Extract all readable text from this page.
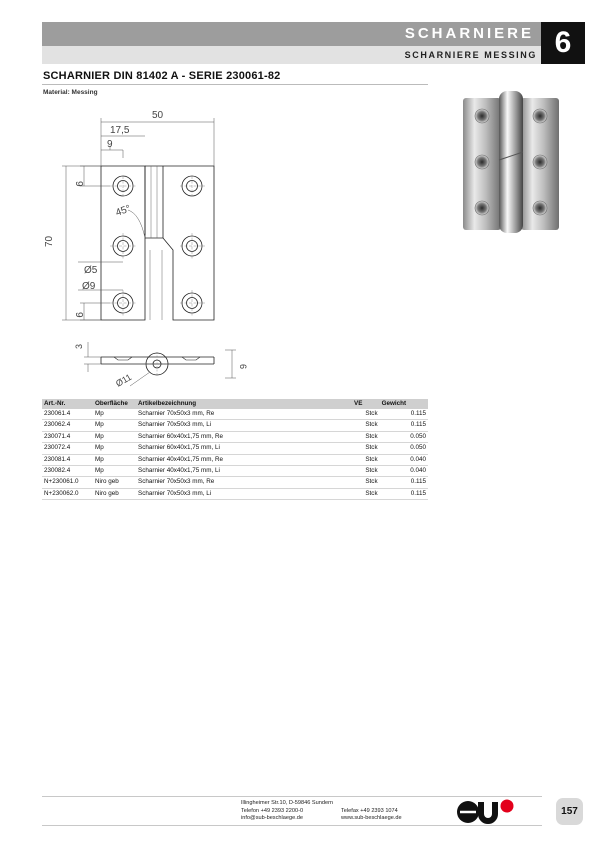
SCHARNIERE
SCHARNIERE MESSING 6
SCHARNIER DIN 81402 A - SERIE 230061-82
Material: Messing
50
17,5
9
9
45°
70
Ø5
Ø9
9
3
Ø11
6
Art.-Nr.	Oberfläche	Artikelbezeichnung	VE	Gewicht
230061.4	Mp	Scharnier 70x50x3 mm, Re	Stck	0.115
230062.4	Mp	Scharnier 70x50x3 mm, Li	Stck	0.115
230071.4	Mp	Scharnier 60x40x1,75 mm, Re	Stck	0.050
230072.4	Mp	Scharnier 60x40x1,75 mm, Li	Stck	0.050
230081.4	Mp	Scharnier 40x40x1,75 mm, Re	Stck	0.040
230082.4	Mp	Scharnier 40x40x1,75 mm, Li	Stck	0.040
N+230061.0	Niro geb	Scharnier 70x50x3 mm, Re	Stck	0.115
N+230062.0	Niro geb	Scharnier 70x50x3 mm, Li	Stck	0.115
Illingheimer Str.10, D-59846 Sundern
Telefon +49 2393 2200-0
info@sub-beschlaege.de
Telefax +49 2393 1074
www.sub-beschlaege.de
157
